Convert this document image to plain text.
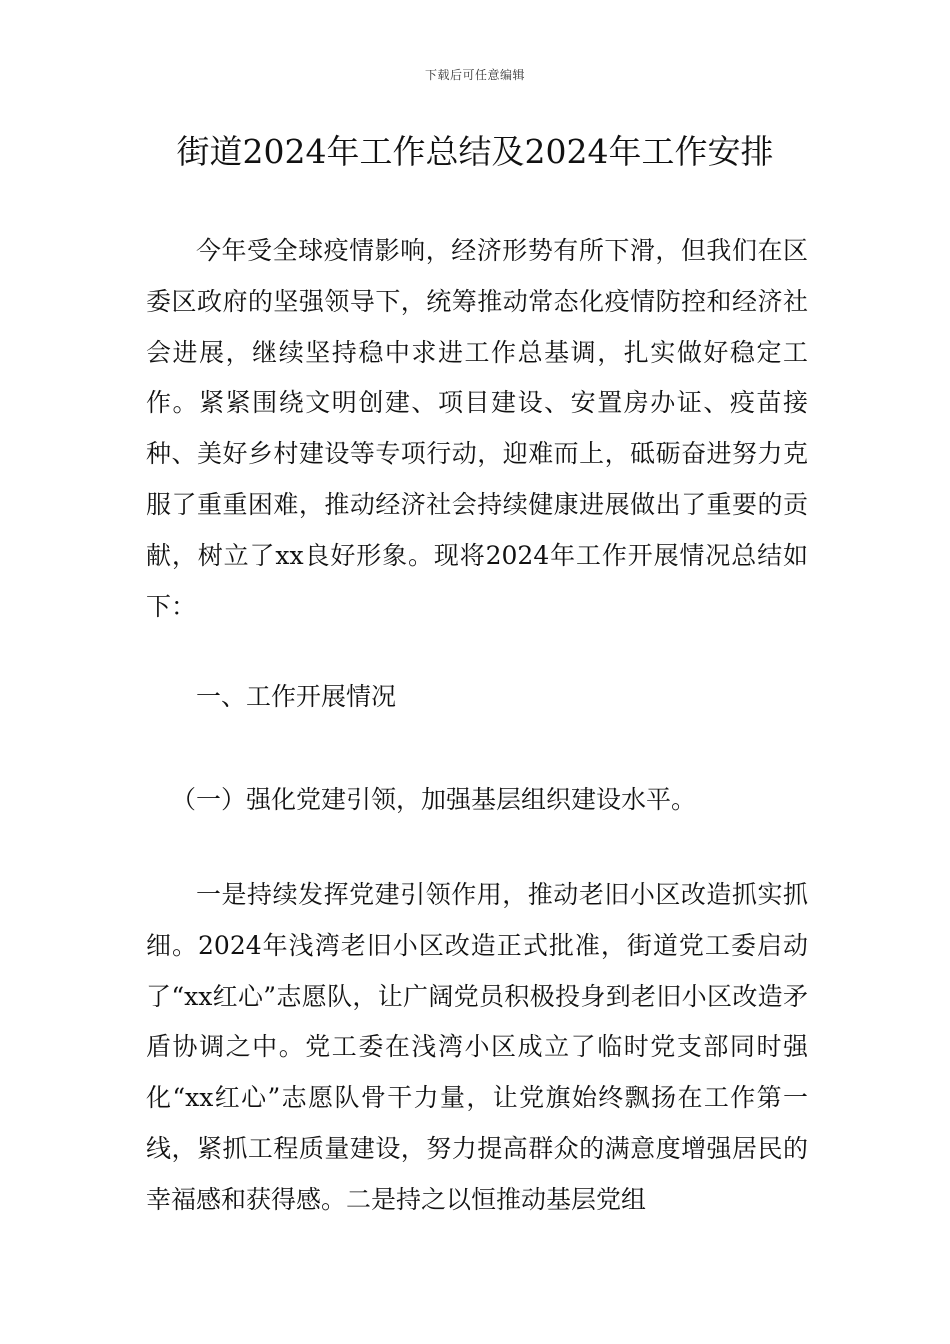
下载后可任意编辑
街道2024年工作总结及2024年工作安排
今年受全球疫情影响，经济形势有所下滑，但我们在区委区政府的坚强领导下，统筹推动常态化疫情防控和经济社会进展，继续坚持稳中求进工作总基调，扎实做好稳定工作。紧紧围绕文明创建、项目建设、安置房办证、疫苗接种、美好乡村建设等专项行动，迎难而上，砥砺奋进努力克服了重重困难，推动经济社会持续健康进展做出了重要的贡献，树立了xx良好形象。现将2024年工作开展情况总结如下：
一、工作开展情况
（一）强化党建引领，加强基层组织建设水平。
一是持续发挥党建引领作用，推动老旧小区改造抓实抓细。2024年浅湾老旧小区改造正式批准，街道党工委启动了“xx红心”志愿队，让广阔党员积极投身到老旧小区改造矛盾协调之中。党工委在浅湾小区成立了临时党支部同时强化“xx红心”志愿队骨干力量，让党旗始终飘扬在工作第一线，紧抓工程质量建设，努力提高群众的满意度增强居民的幸福感和获得感。二是持之以恒推动基层党组
